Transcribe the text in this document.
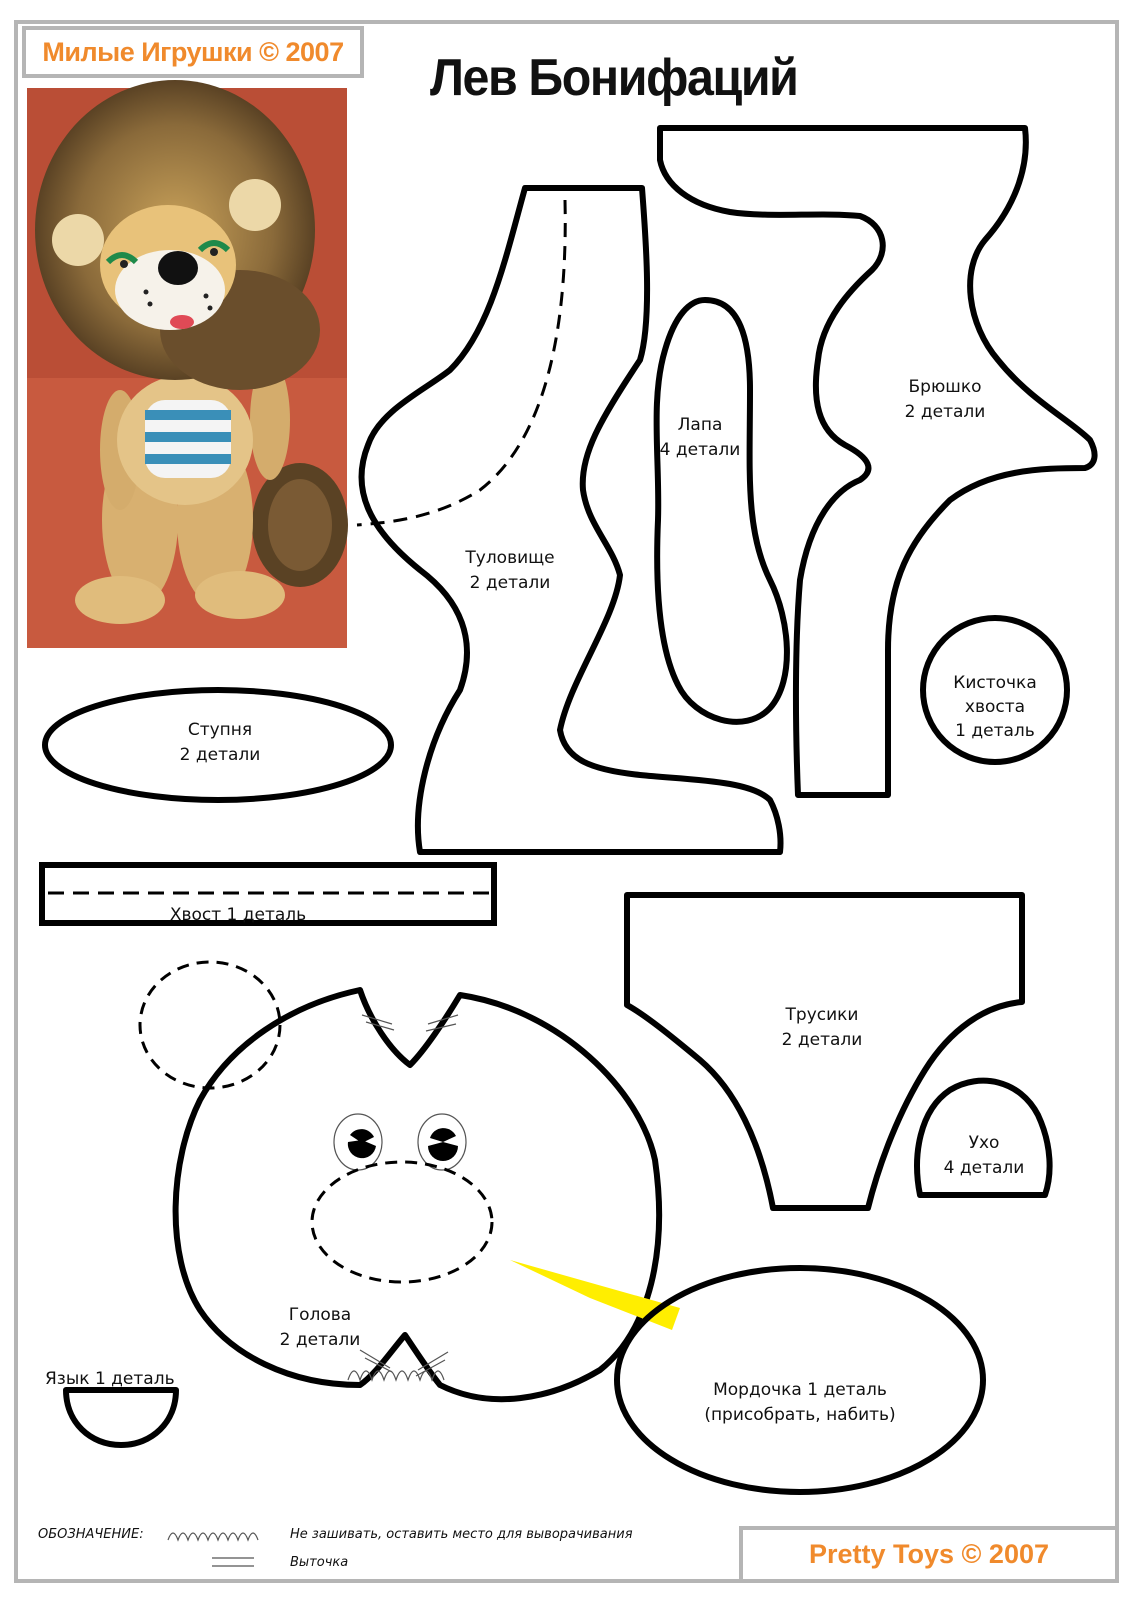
Милые Игрушки © 2007	Лев Бонифаций
Туловище
2 детали
Лапа
4 детали
Брюшко
2 детали
Кисточка
хвоста
1 деталь
Ступня
2 детали
Хвост 1 деталь
Трусики
2 детали
Ухо
4 детали
Голова
2 детали
Язык 1 деталь
Мордочка 1 деталь
(присобрать, набить)
ОБОЗНАЧЕНИЕ:	Не зашивать, оставить место для выворачивания
Выточка	Pretty Toys © 2007
